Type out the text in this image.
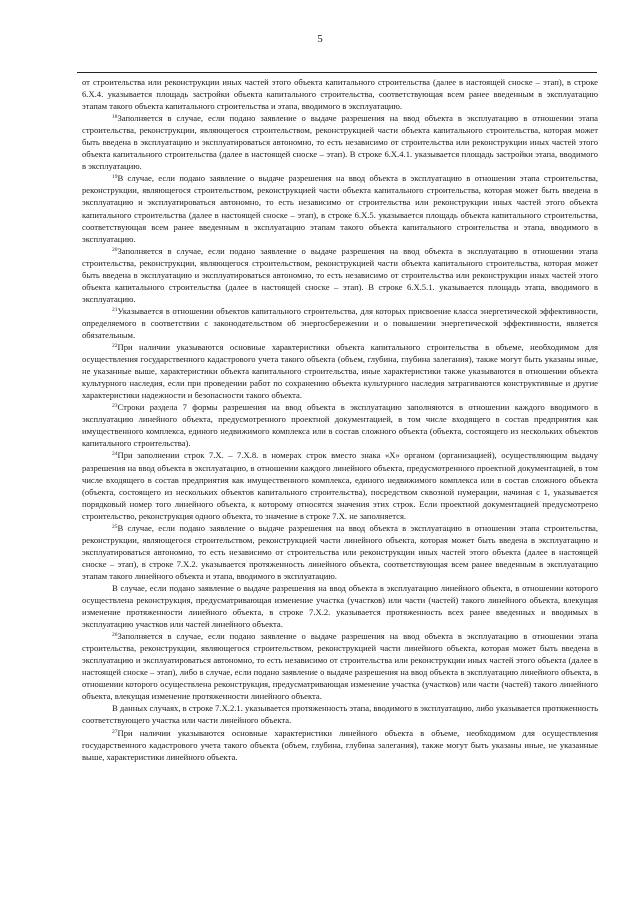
5

от строительства или реконструкции иных частей этого объекта капитального строительства (далее в настоящей сноске – этап), в строке 6.Х.4. указывается площадь застройки объекта капитального строительства, соответствующая всем ранее введенным в эксплуатацию этапам такого объекта капитального строительства и этапа, вводимого в эксплуатацию.

$^{18}$Заполняется в случае, если подано заявление о выдаче разрешения на ввод объекта в эксплуатацию в отношении этапа строительства, реконструкции, являющегося строительством, реконструкцией части объекта капитального строительства, которая может быть введена в эксплуатацию и эксплуатироваться автономно, то есть независимо от строительства или реконструкции иных частей этого объекта капитального строительства (далее в настоящей сноске – этап). В строке 6.Х.4.1. указывается площадь застройки этапа, вводимого в эксплуатацию.

$^{19}$В случае, если подано заявление о выдаче разрешения на ввод объекта в эксплуатацию в отношении этапа строительства, реконструкции, являющегося строительством, реконструкцией части объекта капитального строительства, которая может быть введена в эксплуатацию и эксплуатироваться автономно, то есть независимо от строительства или реконструкции иных частей этого объекта капитального строительства (далее в настоящей сноске – этап), в строке 6.Х.5. указывается площадь объекта капитального строительства, соответствующая всем ранее введенным в эксплуатацию этапам такого объекта капитального строительства и этапа, вводимого в эксплуатацию.

$^{20}$Заполняется в случае, если подано заявление о выдаче разрешения на ввод объекта в эксплуатацию в отношении этапа строительства, реконструкции, являющегося строительством, реконструкцией части объекта капитального строительства, которая может быть введена в эксплуатацию и эксплуатироваться автономно, то есть независимо от строительства или реконструкции иных частей этого объекта капитального строительства (далее в настоящей сноске – этап). В строке 6.Х.5.1. указывается площадь этапа, вводимого в эксплуатацию.

$^{21}$Указывается в отношении объектов капитального строительства, для которых присвоение класса энергетической эффективности, определяемого в соответствии с законодательством об энергосбережении и о повышении энергетической эффективности, является обязательным.

$^{22}$При наличии указываются основные характеристики объекта капитального строительства в объеме, необходимом для осуществления государственного кадастрового учета такого объекта (объем, глубина, глубина залегания), также могут быть указаны иные, не указанные выше, характеристики объекта капитального строительства, иные характеристики также указываются в отношении объекта культурного наследия, если при проведении работ по сохранению объекта культурного наследия затрагиваются конструктивные и другие характеристики надежности и безопасности такого объекта.

$^{23}$Строки раздела 7 формы разрешения на ввод объекта в эксплуатацию заполняются в отношении каждого вводимого в эксплуатацию линейного объекта, предусмотренного проектной документацией, в том числе входящего в состав предприятия как имущественного комплекса, единого недвижимого комплекса или в состав сложного объекта (объекта, состоящего из нескольких объектов капитального строительства).

$^{24}$При заполнении строк 7.Х. – 7.Х.8. в номерах строк вместо знака «Х» органом (организацией), осуществляющим выдачу разрешения на ввод объекта в эксплуатацию, в отношении каждого линейного объекта, предусмотренного проектной документацией, в том числе входящего в состав предприятия как имущественного комплекса, единого недвижимого комплекса или в состав сложного объекта (объекта, состоящего из нескольких объектов капитального строительства), посредством сквозной нумерации, начиная с 1, указывается порядковый номер того линейного объекта, к которому относятся значения этих строк. Если проектной документацией предусмотрено строительство, реконструкция одного объекта, то значение в строке 7.Х. не заполняется.

$^{25}$В случае, если подано заявление о выдаче разрешения на ввод объекта в эксплуатацию в отношении этапа строительства, реконструкции, являющегося строительством, реконструкцией части линейного объекта, которая может быть введена в эксплуатацию и эксплуатироваться автономно, то есть независимо от строительства или реконструкции иных частей этого объекта (далее в настоящей сноске – этап), в строке 7.Х.2. указывается протяженность линейного объекта, соответствующая всем ранее введенным в эксплуатацию этапам такого линейного объекта и этапа, вводимого в эксплуатацию.

В случае, если подано заявление о выдаче разрешения на ввод объекта в эксплуатацию линейного объекта, в отношении которого осуществлена реконструкция, предусматривающая изменение участка (участков) или части (частей) такого линейного объекта, влекущая изменение протяженности линейного объекта, в строке 7.Х.2. указывается протяженность всех ранее введенных и вводимых в эксплуатацию участков или частей линейного объекта.

$^{26}$Заполняется в случае, если подано заявление о выдаче разрешения на ввод объекта в эксплуатацию в отношении этапа строительства, реконструкции, являющегося строительством, реконструкцией части линейного объекта, которая может быть введена в эксплуатацию и эксплуатироваться автономно, то есть независимо от строительства или реконструкции иных частей этого объекта (далее в настоящей сноске – этап), либо в случае, если подано заявление о выдаче разрешения на ввод объекта в эксплуатацию линейного объекта, в отношении которого осуществлена реконструкция, предусматривающая изменение участка (участков) или части (частей) такого линейного объекта, влекущая изменение протяженности линейного объекта.

В данных случаях, в строке 7.Х.2.1. указывается протяженность этапа, вводимого в эксплуатацию, либо указывается протяженность соответствующего участка или части линейного объекта.

$^{27}$При наличии указываются основные характеристики линейного объекта в объеме, необходимом для осуществления государственного кадастрового учета такого объекта (объем, глубина, глубина залегания), также могут быть указаны иные, не указанные выше, характеристики линейного объекта.
